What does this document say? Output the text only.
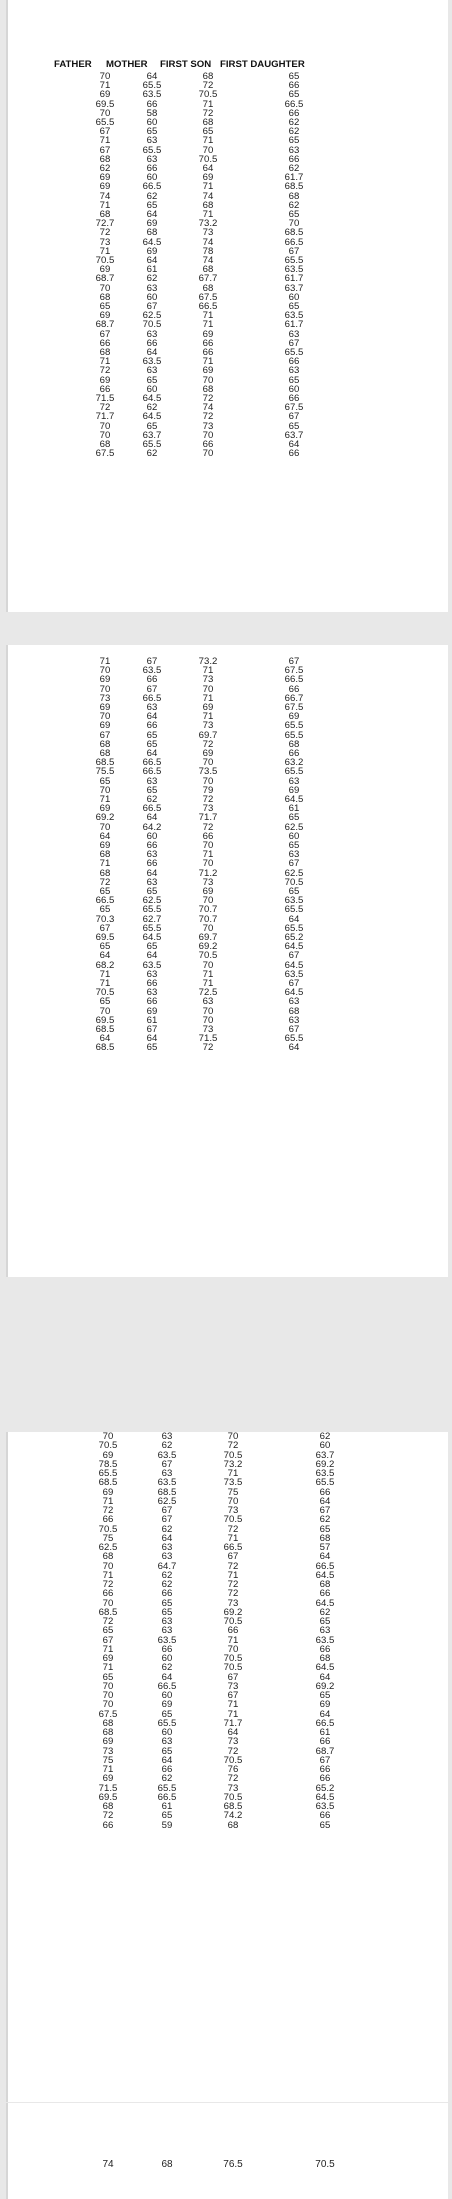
FATHER MOTHER FIRST SON FIRST DAUGHTER
70	64	68	65
71	65.5	72	66
69	63.5	70.5	65
69.5	66	71	66.5
70	58	72	66
65.5	60	68	62
67	65	65	62
71	63	71	65
67	65.5	70	63
68	63	70.5	66
62	66	64	62
69	60	69	61.7
69	66.5	71	68.5
74	62	74	68
71	65	68	62
68	64	71	65
72.7	69	73.2	70
72	68	73	68.5
73	64.5	74	66.5
71	69	78	67
70.5	64	74	65.5
69	61	68	63.5
68.7	62	67.7	61.7
70	63	68	63.7
68	60	67.5	60
65	67	66.5	65
69	62.5	71	63.5
68.7	70.5	71	61.7
67	63	69	63
66	66	66	67
68	64	66	65.5
71	63.5	71	66
72	63	69	63
69	65	70	65
66	60	68	60
71.5	64.5	72	66
72	62	74	67.5
71.7	64.5	72	67
70	65	73	65
70	63.7	70	63.7
68	65.5	66	64
67.5	62	70	66
71	67	73.2	67
70	63.5	71	67.5
69	66	73	66.5
70	67	70	66
73	66.5	71	66.7
69	63	69	67.5
70	64	71	69
69	66	73	65.5
67	65	69.7	65.5
68	65	72	68
68	64	69	66
68.5	66.5	70	63.2
75.5	66.5	73.5	65.5
65	63	70	63
70	65	79	69
71	62	72	64.5
69	66.5	73	61
69.2	64	71.7	65
70	64.2	72	62.5
64	60	66	60
69	66	70	65
68	63	71	63
71	66	70	67
68	64	71.2	62.5
72	63	73	70.5
65	65	69	65
66.5	62.5	70	63.5
65	65.5	70.7	65.5
70.3	62.7	70.7	64
67	65.5	70	65.5
69.5	64.5	69.7	65.2
65	65	69.2	64.5
64	64	70.5	67
68.2	63.5	70	64.5
71	63	71	63.5
71	66	71	67
70.5	63	72.5	64.5
65	66	63	63
70	69	70	68
69.5	61	70	63
68.5	67	73	67
64	64	71.5	65.5
68.5	65	72	64
70	63	70	62
70.5	62	72	60
69	63.5	70.5	63.7
78.5	67	73.2	69.2
65.5	63	71	63.5
68.5	63.5	73.5	65.5
69	68.5	75	66
71	62.5	70	64
72	67	73	67
66	67	70.5	62
70.5	62	72	65
75	64	71	68
62.5	63	66.5	57
68	63	67	64
70	64.7	72	66.5
71	62	71	64.5
72	62	72	68
66	66	72	66
70	65	73	64.5
68.5	65	69.2	62
72	63	70.5	65
65	63	66	63
67	63.5	71	63.5
71	66	70	66
69	60	70.5	68
71	62	70.5	64.5
65	64	67	64
70	66.5	73	69.2
70	60	67	65
70	69	71	69
67.5	65	71	64
68	65.5	71.7	66.5
68	60	64	61
69	63	73	66
73	65	72	68.7
75	64	70.5	67
71	66	76	66
69	62	72	66
71.5	65.5	73	65.2
69.5	66.5	70.5	64.5
68	61	68.5	63.5
72	65	74.2	66
66	59	68	65
74	68	76.5	70.5
